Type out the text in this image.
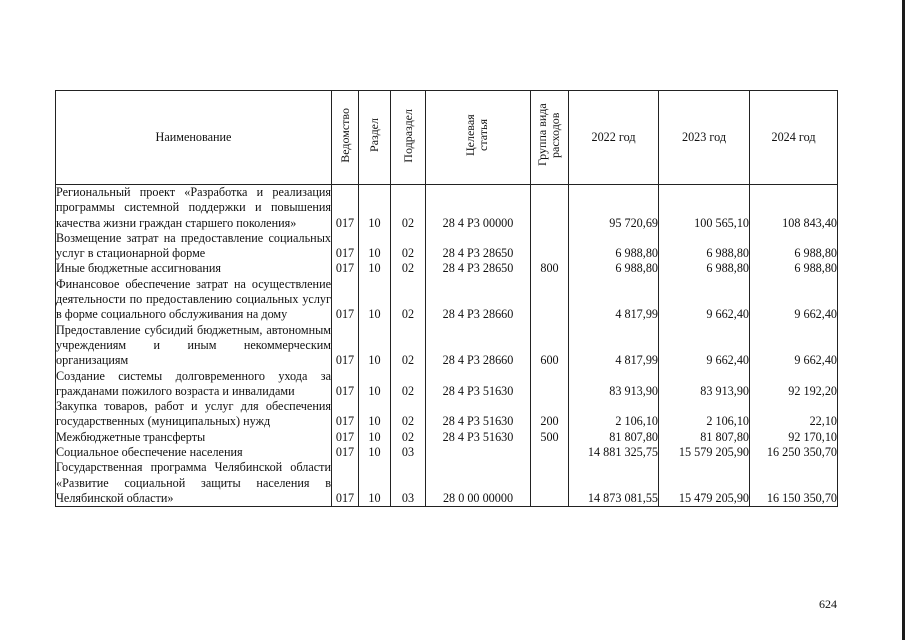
Наименование	Ведомство	Раздел	Подраздел	Целевая статья	Группа вида расходов	2022 год	2023 год	2024 год
Региональный проект «Разработка и реализация программы системной поддержки и повышения качества жизни граждан старшего поколения»	017	10	02	28 4 P3 00000		95 720,69	100 565,10	108 843,40
Возмещение затрат на предоставление социальных услуг в стационарной форме	017	10	02	28 4 P3 28650		6 988,80	6 988,80	6 988,80
Иные бюджетные ассигнования	017	10	02	28 4 P3 28650	800	6 988,80	6 988,80	6 988,80
Финансовое обеспечение затрат на осуществление деятельности по предоставлению социальных услуг в форме социального обслуживания на дому	017	10	02	28 4 P3 28660		4 817,99	9 662,40	9 662,40
Предоставление субсидий бюджетным, автономным учреждениям и иным некоммерческим организациям	017	10	02	28 4 P3 28660	600	4 817,99	9 662,40	9 662,40
Создание системы долговременного ухода за гражданами пожилого возраста и инвалидами	017	10	02	28 4 P3 51630		83 913,90	83 913,90	92 192,20
Закупка товаров, работ и услуг для обеспечения государственных (муниципальных) нужд	017	10	02	28 4 P3 51630	200	2 106,10	2 106,10	22,10
Межбюджетные трансферты	017	10	02	28 4 P3 51630	500	81 807,80	81 807,80	92 170,10
Социальное обеспечение населения	017	10	03			14 881 325,75	15 579 205,90	16 250 350,70
Государственная программа Челябинской области «Развитие социальной защиты населения в Челябинской области»	017	10	03	28 0 00 00000		14 873 081,55	15 479 205,90	16 150 350,70
624
